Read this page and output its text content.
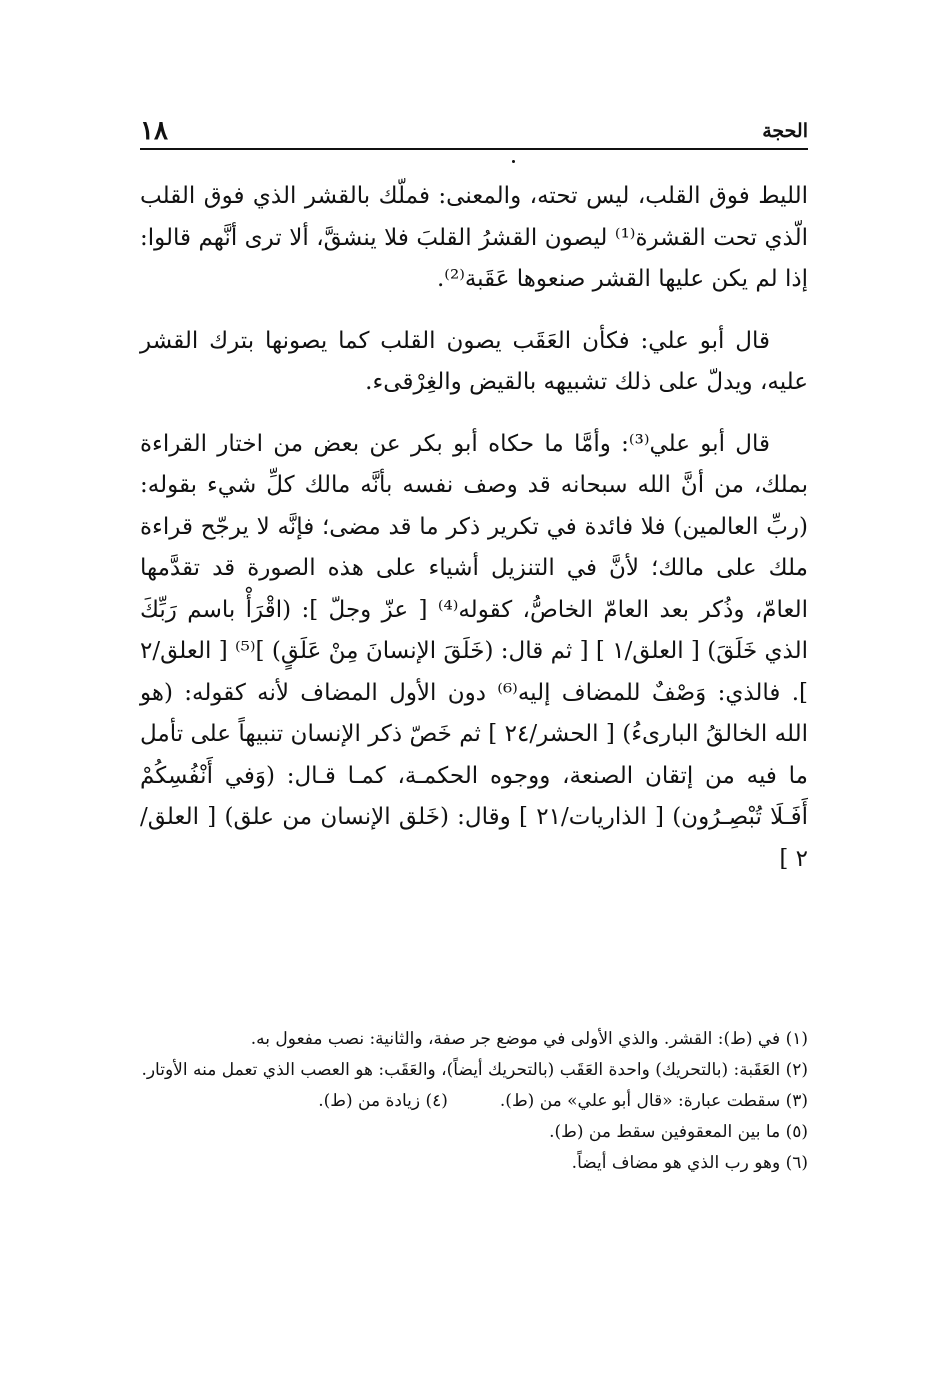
١٨	الحجة

الليط فوق القلب، ليس تحته، والمعنى: فملّك بالقشر الذي فوق القلب الّذي تحت القشرة⁽¹⁾ ليصون القشرُ القلبَ فلا ينشقَّ، ألا ترى أنَّهم قالوا: إذا لم يكن عليها القشر صنعوها عَقَبة⁽²⁾.

قال أبو علي: فكأن العَقَب يصون القلب كما يصونها بترك القشر عليه، ويدلّ على ذلك تشبيهه بالقيض والغِرْقىء.

قال أبو علي⁽³⁾: وأمَّا ما حكاه أبو بكر عن بعض من اختار القراءة بملك، من أنَّ الله سبحانه قد وصف نفسه بأنَّه مالك كلِّ شيء بقوله: (ربِّ العالمين) فلا فائدة في تكرير ذكر ما قد مضى؛ فإنَّه لا يرجّح قراءة ملك على مالك؛ لأنَّ في التنزيل أشياء على هذه الصورة قد تقدَّمها العامّ، وذُكر بعد العامّ الخاصُّ، كقوله⁽⁴⁾ [ عزّ وجلّ ]: (اقْرَأْ باسم رَبِّكَ الذي خَلَقَ) [ العلق/١ ] [ ثم قال: (خَلَقَ الإنسانَ مِنْ عَلَقٍ) ]⁽⁵⁾ [ العلق/٢ ]. فالذي: وَصْفٌ للمضاف إليه⁽⁶⁾ دون الأول المضاف لأنه كقوله: (هو الله الخالقُ البارىءُ) [ الحشر/٢٤ ] ثم خَصّ ذكر الإنسان تنبيهاً على تأمل ما فيه من إتقان الصنعة، ووجوه الحكمـة، كمـا قـال: (وَفي أَنْفُسِكُمْ أَفَـلَا تُبْصِـرُون) [ الذاريات/٢١ ] وقال: (خَلق الإنسان من علق) [ العلق/٢ ]

(١) في (ط): القشر. والذي الأولى في موضع جر صفة، والثانية: نصب مفعول به.

(٢) العَقَبة: (بالتحريك) واحدة العَقَب (بالتحريك أيضاً)، والعَقَب: هو العصب الذي تعمل منه الأوتار.

(٣) سقطت عبارة: «قال أبو علي» من (ط).

(٤) زيادة من (ط).

(٥) ما بين المعقوفين سقط من (ط).

(٦) وهو رب الذي هو مضاف أيضاً.
